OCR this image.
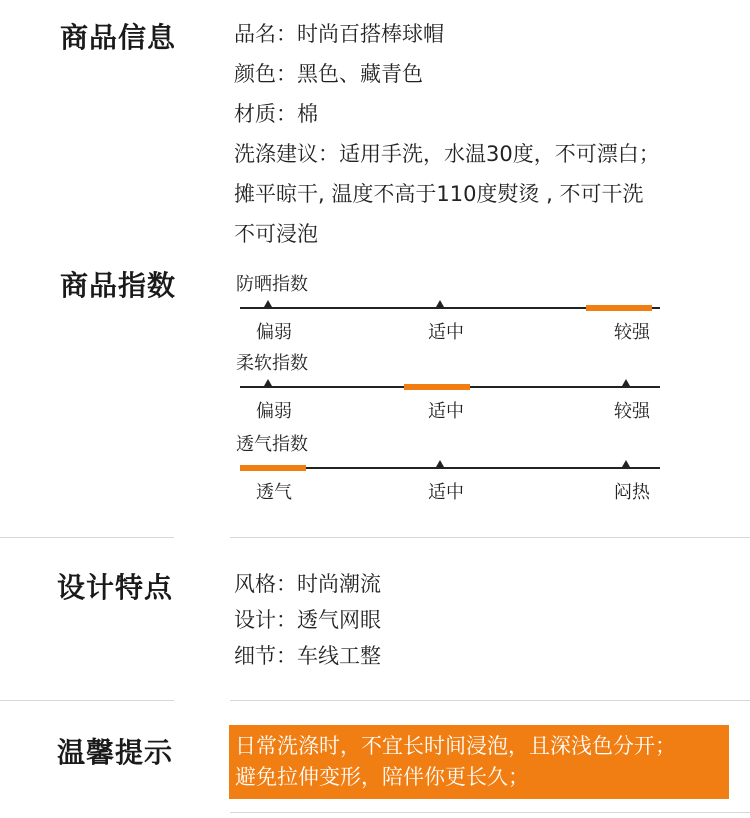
商品信息	品名：时尚百搭棒球帽
颜色：黑色、藏青色
材质：棉
洗涤建议：适用手洗，水温30度，不可漂白；
摊平晾干, 温度不高于110度熨烫 , 不可干洗
不可浸泡
商品指数	防晒指数
偏弱	适中	较强
柔软指数
偏弱	适中	较强
透气指数
透气	适中	闷热
设计特点	风格：时尚潮流
设计：透气网眼
细节：车线工整
温馨提示	日常洗涤时，不宜长时间浸泡，且深浅色分开；
避免拉伸变形，陪伴你更长久；
